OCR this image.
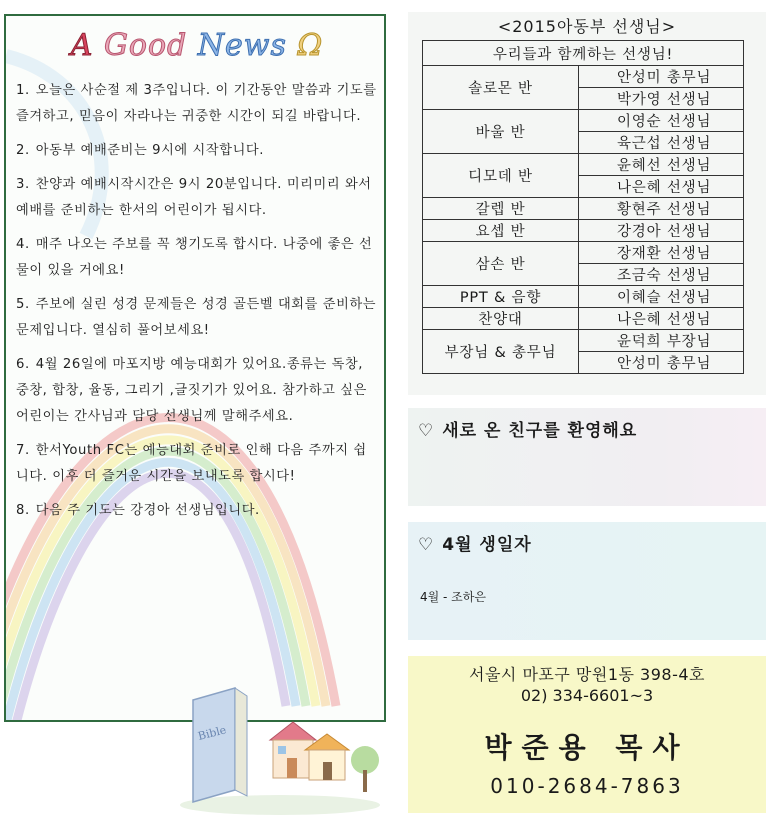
A Good News Ω
1. 오늘은 사순절 제 3주입니다. 이 기간동안 말씀과 기도를 즐겨하고, 믿음이 자라나는 귀중한 시간이 되길 바랍니다.
2. 아동부 예배준비는 9시에 시작합니다.
3. 찬양과 예배시작시간은 9시 20분입니다. 미리미리 와서 예배를 준비하는 한서의 어린이가 됩시다.
4. 매주 나오는 주보를 꼭 챙기도록 합시다. 나중에 좋은 선물이 있을 거에요!
5. 주보에 실린 성경 문제들은 성경 골든벨 대회를 준비하는 문제입니다. 열심히 풀어보세요!
6. 4월 26일에 마포지방 예능대회가 있어요.종류는 독창, 중창, 합창, 율동, 그리기 ,글짓기가 있어요. 참가하고 싶은 어린이는 간사님과 담당 선생님께 말해주세요.
7. 한서Youth FC는 예능대회 준비로 인해 다음 주까지 쉽니다. 이후 더 즐거운 시간을 보내도록 합시다!
8. 다음 주 기도는 강경아 선생님입니다.
Bible
<2015아동부 선생님>
우리들과 함께하는 선생님!	
솔로몬 반	안성미 총무님
	박가영 선생님
바울 반	이영순 선생님
	육근섭 선생님
디모데 반	윤혜선 선생님
	나은혜 선생님
갈렙 반	황현주 선생님
요셉 반	강경아 선생님
삼손 반	장재환 선생님
	조금숙 선생님
PPT & 음향	이혜슬 선생님
찬양대	나은혜 선생님
부장님 & 총무님	윤덕희 부장님
	안성미 총무님
♡ 새로 온 친구를 환영해요
♡ 4월 생일자
4월 - 조하은
서울시 마포구 망원1동 398-4호
02) 334-6601~3
박준용 목사
010-2684-7863
